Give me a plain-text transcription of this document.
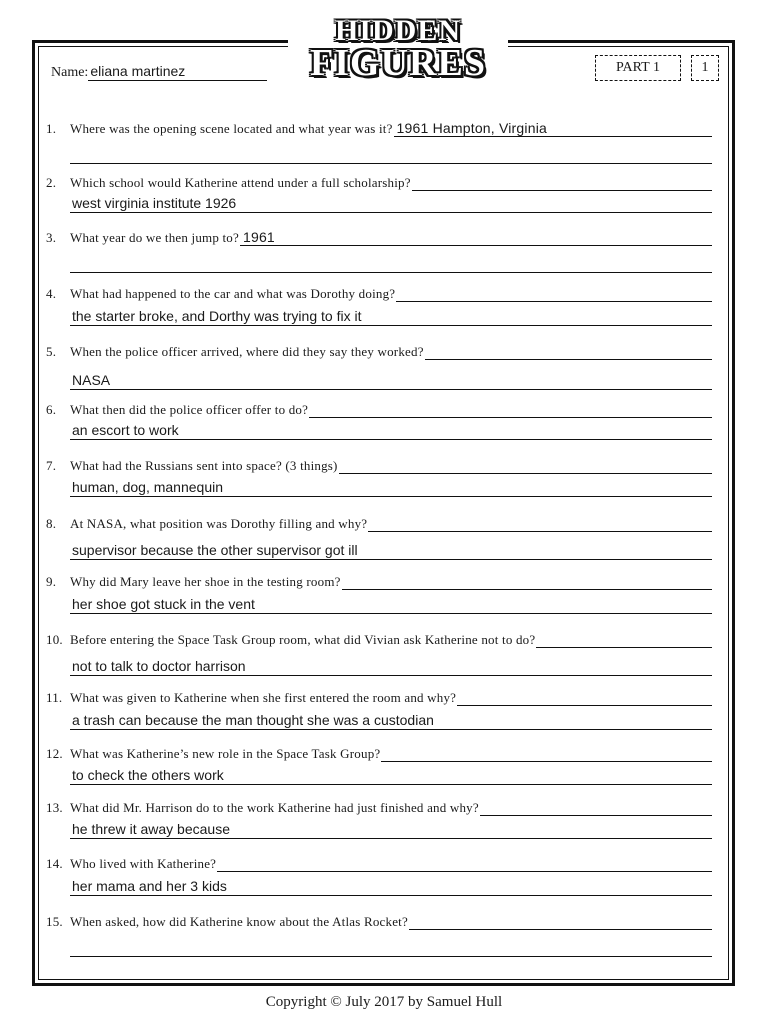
HIDDEN
FIGURES
Name: eliana martinez	PART 1	1
1.	Where was the opening scene located and what year was it? 1961 Hampton, Virginia
2.	Which school would Katherine attend under a full scholarship?
west virginia institute 1926
3.	What year do we then jump to? 1961
4.	What had happened to the car and what was Dorothy doing?
the starter broke, and Dorthy was trying to fix it
5.	When the police officer arrived, where did they say they worked?
NASA
6.	What then did the police officer offer to do?
an escort to work
7.	What had the Russians sent into space? (3 things)
human, dog, mannequin
8.	At NASA, what position was Dorothy filling and why?
supervisor because the other supervisor got ill
9.	Why did Mary leave her shoe in the testing room?
her shoe got stuck in the vent
10. Before entering the Space Task Group room, what did Vivian ask Katherine not to do?
not to talk to doctor harrison
11. What was given to Katherine when she first entered the room and why?
a trash can because the man thought she was a custodian
12. What was Katherine’s new role in the Space Task Group?
to check the others work
13. What did Mr. Harrison do to the work Katherine had just finished and why?
he threw it away because
14. Who lived with Katherine?
her mama and her 3 kids
15. When asked, how did Katherine know about the Atlas Rocket?
Copyright © July 2017 by Samuel Hull
